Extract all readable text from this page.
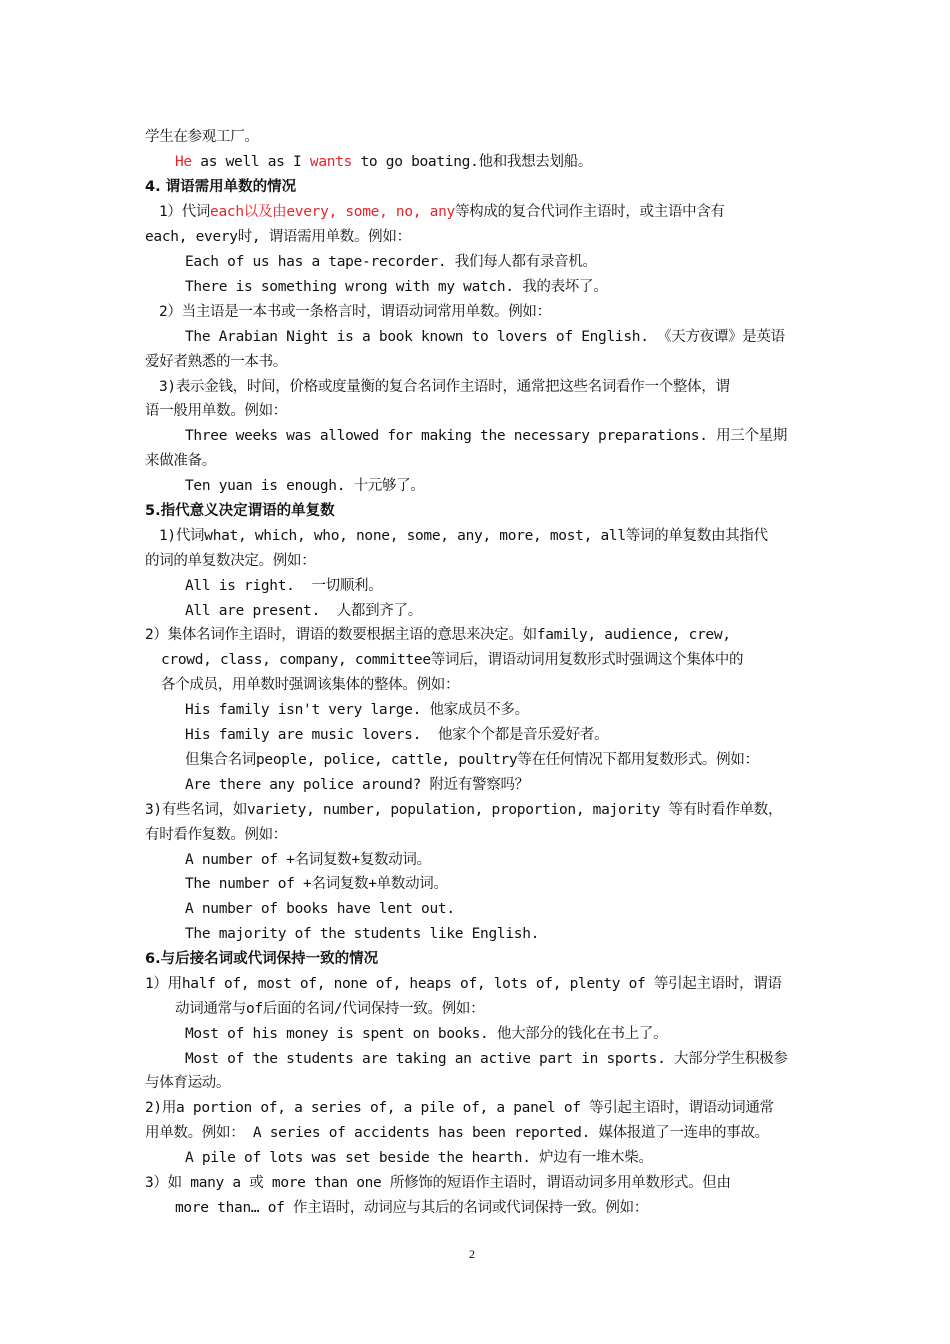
学生在参观工厂。
He as well as I wants to go boating.他和我想去划船。
4. 谓语需用单数的情况
1）代词each以及由every, some, no, any等构成的复合代词作主语时，或主语中含有
each, every时, 谓语需用单数。例如：
Each of us has a tape-recorder. 我们每人都有录音机。
There is something wrong with my watch. 我的表坏了。
2）当主语是一本书或一条格言时，谓语动词常用单数。例如：
The Arabian Night is a book known to lovers of English. 《天方夜谭》是英语
爱好者熟悉的一本书。
3)表示金钱，时间，价格或度量衡的复合名词作主语时，通常把这些名词看作一个整体，谓
语一般用单数。例如：
Three weeks was allowed for making the necessary preparations. 用三个星期
来做准备。
Ten yuan is enough. 十元够了。
5.指代意义决定谓语的单复数
1)代词what, which, who, none, some, any, more, most, all等词的单复数由其指代
的词的单复数决定。例如：
All is right.  一切顺利。
All are present.  人都到齐了。
2）集体名词作主语时，谓语的数要根据主语的意思来决定。如family, audience, crew,
crowd, class, company, committee等词后，谓语动词用复数形式时强调这个集体中的
各个成员，用单数时强调该集体的整体。例如：
His family isn't very large. 他家成员不多。
His family are music lovers.  他家个个都是音乐爱好者。
但集合名词people, police, cattle, poultry等在任何情况下都用复数形式。例如：
Are there any police around? 附近有警察吗？
3)有些名词，如variety, number, population, proportion, majority 等有时看作单数，
有时看作复数。例如：
A number of +名词复数+复数动词。
The number of +名词复数+单数动词。
A number of books have lent out.
The majority of the students like English.
6.与后接名词或代词保持一致的情况
1）用half of, most of, none of, heaps of, lots of, plenty of 等引起主语时，谓语
动词通常与of后面的名词/代词保持一致。例如：
Most of his money is spent on books. 他大部分的钱化在书上了。
Most of the students are taking an active part in sports. 大部分学生积极参
与体育运动。
2)用a portion of, a series of, a pile of, a panel of 等引起主语时，谓语动词通常
用单数。例如： A series of accidents has been reported. 媒体报道了一连串的事故。
A pile of lots was set beside the hearth. 炉边有一堆木柴。
3）如 many a 或 more than one 所修饰的短语作主语时，谓语动词多用单数形式。但由
more than… of 作主语时，动词应与其后的名词或代词保持一致。例如：
2
